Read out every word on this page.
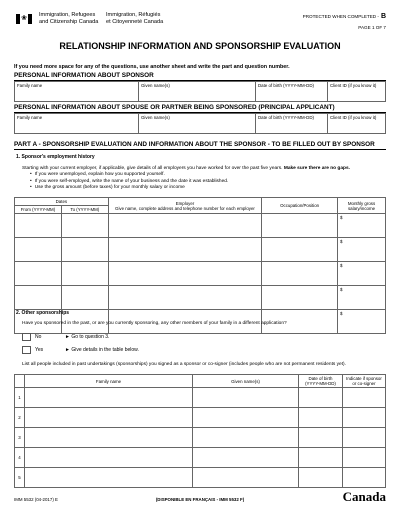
❀ Immigration, Refugees
and Citizenship Canada
Immigration, Réfugiés
et Citoyenneté Canada
PROTECTED WHEN COMPLETED - B
PAGE 1 OF 7
RELATIONSHIP INFORMATION AND SPONSORSHIP EVALUATION
If you need more space for any of the questions, use another sheet and write the part and question number.
PERSONAL INFORMATION ABOUT SPONSOR
Family name	Given name(s)	Date of birth (YYYY-MM-DD)	Client ID (if you know it)
PERSONAL INFORMATION ABOUT SPOUSE OR PARTNER BEING SPONSORED (PRINCIPAL APPLICANT)
Family name	Given name(s)	Date of birth (YYYY-MM-DD)	Client ID (if you know it)
PART A - SPONSORSHIP EVALUATION AND INFORMATION ABOUT THE SPONSOR - TO BE FILLED OUT BY SPONSOR
1. Sponsor's employment history
Starting with your current employer, if applicable, give details of all employers you have worked for over the past five years. Make sure there are no gaps.
• If you were unemployed, explain how you supported yourself.
• If you were self-employed, write the name of your business and the date it was established.
• Use the gross amount (before taxes) for your monthly salary or income
Dates		Employer
Give name, complete address and telephone number for each employer	Occupation/Position	Monthly gross salary/income
From (YYYY-MM)	To (YYYY-MM)			
				$
				$
				$
				$
				$
2. Other sponsorships
Have you sponsored in the past, or are you currently sponsoring, any other members of your family in a different application?
No	► Go to question 3.
Yes	► Give details in the table below.
List all people included in past undertakings (sponsorships) you signed as a sponsor or co-signer (includes people who are not permanent residents yet).
	Family name	Given name(s)	Date of birth (YYYY-MM-DD)	Indicate if sponsor or co-signer
1				
2				
3				
4				
5				
IMM 5532 (04-2017) E	(DISPONIBLE EN FRANÇAIS - IMM 5532 F)	Canada
